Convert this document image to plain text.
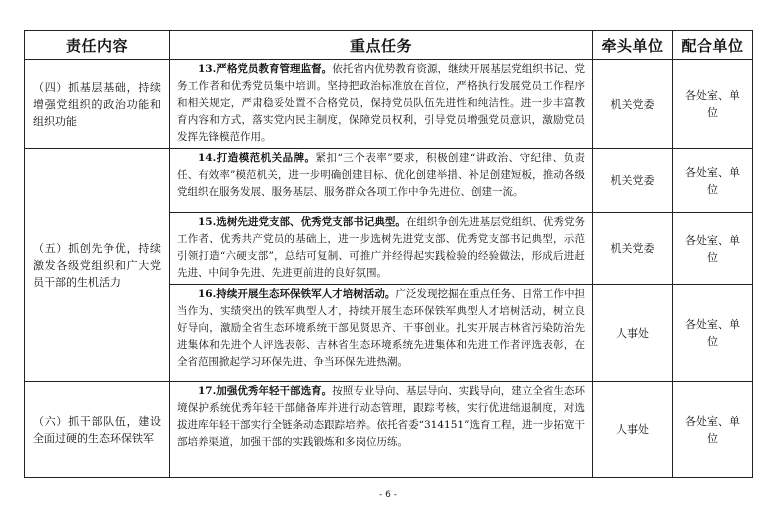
责任内容	重点任务	牵头单位	配合单位
（四）抓基层基础，持续增强党组织的政治功能和组织功能	13.严格党员教育管理监督。依托省内优势教育资源，继续开展基层党组织书记、党务工作者和优秀党员集中培训。坚持把政治标准放在首位，严格执行发展党员工作程序和相关规定，严肃稳妥处置不合格党员，保持党员队伍先进性和纯洁性。进一步丰富教育内容和方式，落实党内民主制度，保障党员权利，引导党员增强党员意识，激励党员发挥先锋模范作用。	机关党委	各处室、单位
（五）抓创先争优，持续激发各级党组织和广大党员干部的生机活力	14.打造模范机关品牌。紧扣“三个表率”要求，积极创建“讲政治、守纪律、负责任、有效率”模范机关，进一步明确创建目标、优化创建举措、补足创建短板，推动各级党组织在服务发展、服务基层、服务群众各项工作中争先进位、创建一流。	机关党委	各处室、单位
	15.选树先进党支部、优秀党支部书记典型。在组织争创先进基层党组织、优秀党务工作者、优秀共产党员的基础上，进一步选树先进党支部、优秀党支部书记典型，示范引领打造“六硬支部”，总结可复制、可推广并经得起实践检验的经验做法，形成后进赶先进、中间争先进、先进更前进的良好氛围。	机关党委	各处室、单位
	16.持续开展生态环保铁军人才培树活动。广泛发现挖掘在重点任务、日常工作中担当作为、实绩突出的铁军典型人才，持续开展生态环保铁军典型人才培树活动，树立良好导向，激励全省生态环境系统干部见贤思齐、干事创业。扎实开展吉林省污染防治先进集体和先进个人评选表彰、吉林省生态环境系统先进集体和先进工作者评选表彰，在全省范围掀起学习环保先进、争当环保先进热潮。	人事处	各处室、单位
（六）抓干部队伍，建设全面过硬的生态环保铁军	17.加强优秀年轻干部选育。按照专业导向、基层导向、实践导向，建立全省生态环境保护系统优秀年轻干部储备库并进行动态管理，跟踪考核，实行优进绌退制度，对选拔进库年轻干部实行全链条动态跟踪培养。依托省委“314151”选育工程，进一步拓宽干部培养渠道，加强干部的实践锻炼和多岗位历练。	人事处	各处室、单位
- 6 -
